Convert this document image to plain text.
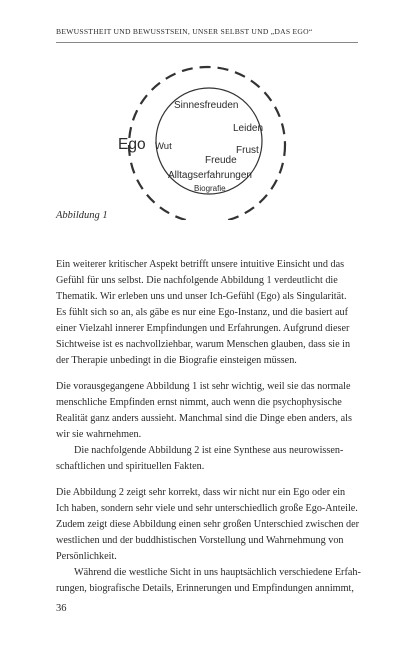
BEWUSSTHEIT UND BEWUSSTSEIN, UNSER SELBST UND „DAS EGO“
Ego
Sinnesfreuden
Leiden
Wut	Frust
Freude
Alltagserfahrungen
Biografie
Abbildung 1

Ein weiterer kritischer Aspekt betrifft unsere intuitive Einsicht und das
Gefühl für uns selbst. Die nachfolgende Abbildung 1 verdeutlicht die
Thematik. Wir erleben uns und unser Ich-Gefühl (Ego) als Singularität.
Es fühlt sich so an, als gäbe es nur eine Ego-Instanz, und die basiert auf
einer Vielzahl innerer Empfindungen und Erfahrungen. Aufgrund dieser
Sichtweise ist es nachvollziehbar, warum Menschen glauben, dass sie in
der Therapie unbedingt in die Biografie einsteigen müssen.

Die vorausgegangene Abbildung 1 ist sehr wichtig, weil sie das normale
menschliche Empfinden ernst nimmt, auch wenn die psychophysische
Realität ganz anders aussieht. Manchmal sind die Dinge eben anders, als
wir sie wahrnehmen.

Die nachfolgende Abbildung 2 ist eine Synthese aus neurowissen-
schaftlichen und spirituellen Fakten.

Die Abbildung 2 zeigt sehr korrekt, dass wir nicht nur ein Ego oder ein
Ich haben, sondern sehr viele und sehr unterschiedlich große Ego-Anteile.
Zudem zeigt diese Abbildung einen sehr großen Unterschied zwischen der
westlichen und der buddhistischen Vorstellung und Wahrnehmung von
Persönlichkeit.

Während die westliche Sicht in uns hauptsächlich verschiedene Erfah-
rungen, biografische Details, Erinnerungen und Empfindungen annimmt,

36
